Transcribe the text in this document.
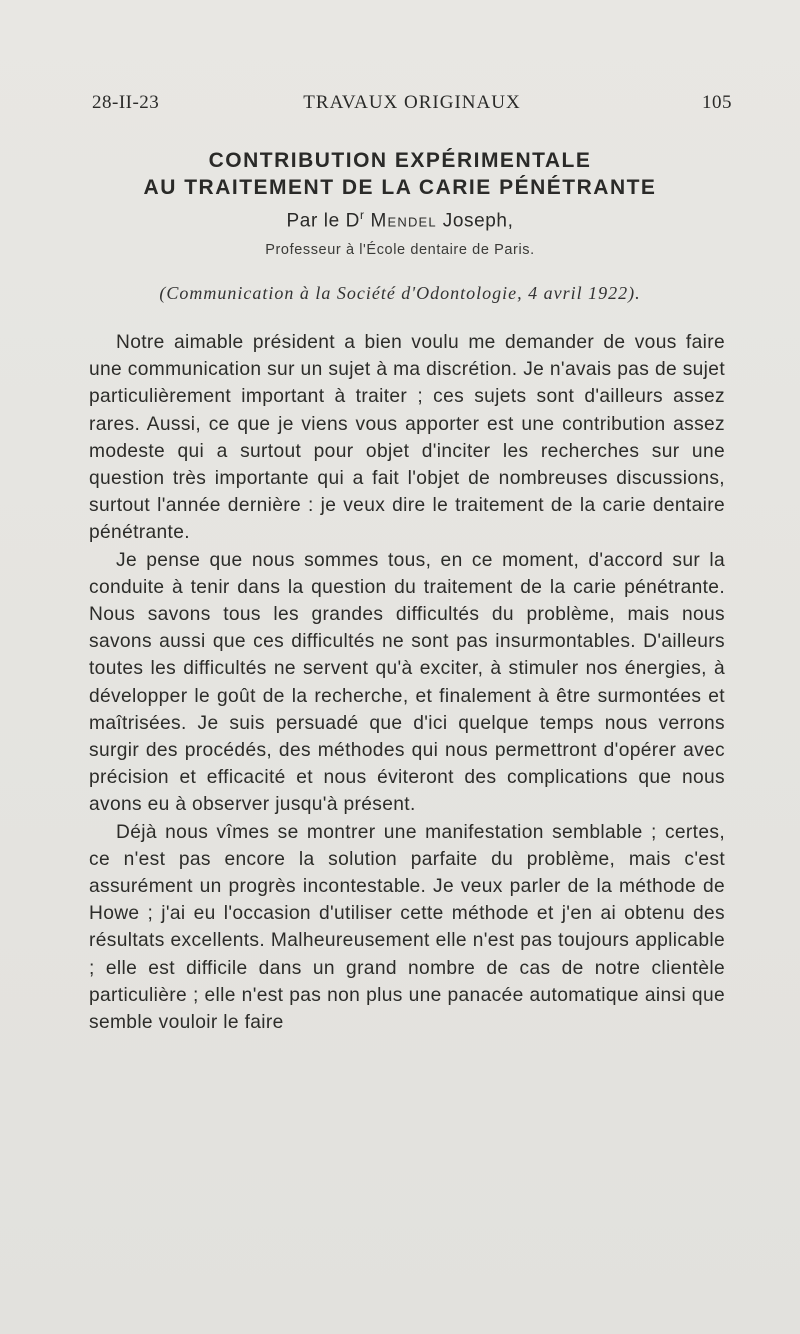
28-II-23	TRAVAUX ORIGINAUX	105
CONTRIBUTION EXPÉRIMENTALE
AU TRAITEMENT DE LA CARIE PÉNÉTRANTE
Par le $D^r$ Mendel Joseph,
Professeur à l'École dentaire de Paris.
(Communication à la Société d'Odontologie, 4 avril 1922).

Notre aimable président a bien voulu me demander de vous faire une communication sur un sujet à ma discrétion. Je n'avais pas de sujet particulièrement important à traiter ; ces sujets sont d'ailleurs assez rares. Aussi, ce que je viens vous apporter est une contribution assez modeste qui a surtout pour objet d'inciter les recherches sur une question très importante qui a fait l'objet de nombreuses discussions, surtout l'année dernière : je veux dire le traitement de la carie dentaire pénétrante.

Je pense que nous sommes tous, en ce moment, d'accord sur la conduite à tenir dans la question du traitement de la carie pénétrante. Nous savons tous les grandes difficultés du problème, mais nous savons aussi que ces difficultés ne sont pas insurmontables. D'ailleurs toutes les difficultés ne servent qu'à exciter, à stimuler nos énergies, à développer le goût de la recherche, et finalement à être surmontées et maîtrisées. Je suis persuadé que d'ici quelque temps nous verrons surgir des procédés, des méthodes qui nous permettront d'opérer avec précision et efficacité et nous éviteront des complications que nous avons eu à observer jusqu'à présent.

Déjà nous vîmes se montrer une manifestation semblable ; certes, ce n'est pas encore la solution parfaite du problème, mais c'est assurément un progrès incontestable. Je veux parler de la méthode de Howe ; j'ai eu l'occasion d'utiliser cette méthode et j'en ai obtenu des résultats excellents. Malheureusement elle n'est pas toujours applicable ; elle est difficile dans un grand nombre de cas de notre clientèle particulière ; elle n'est pas non plus une panacée automatique ainsi que semble vouloir le faire
